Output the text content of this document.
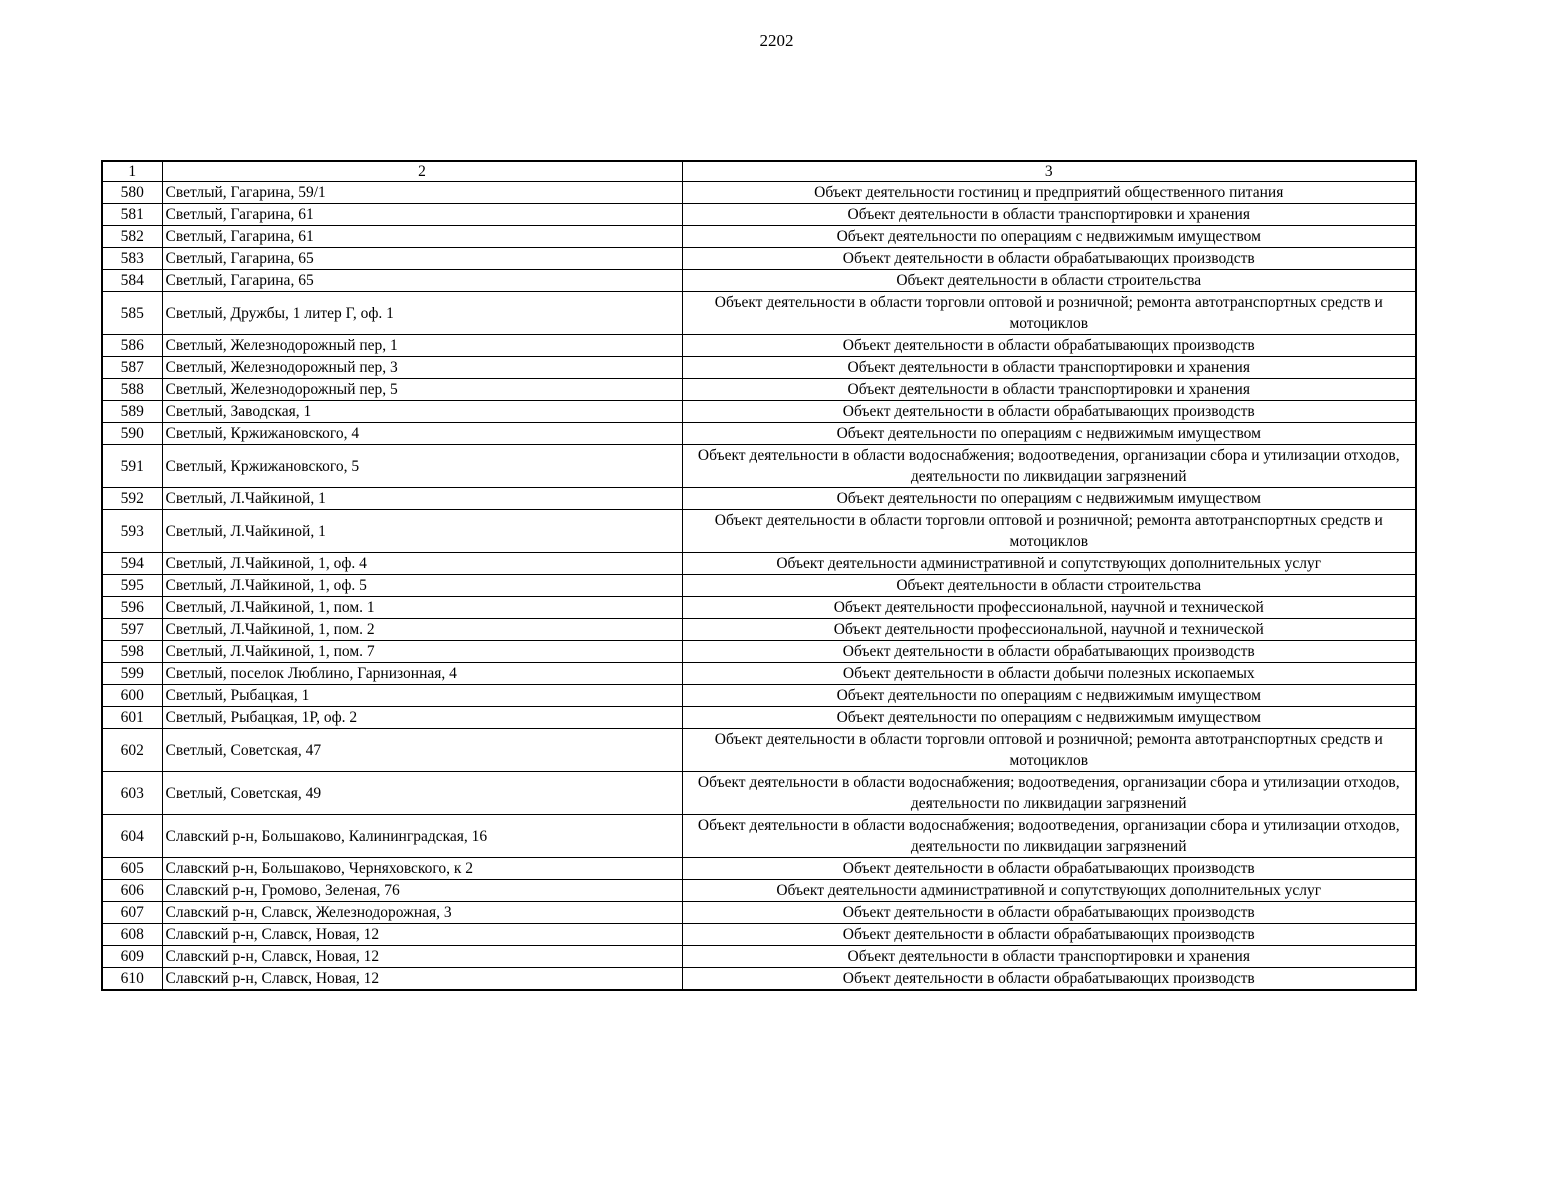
2202
1	2	3
580	Светлый, Гагарина, 59/1	Объект деятельности гостиниц и предприятий общественного питания
581	Светлый, Гагарина, 61	Объект деятельности в области транспортировки и хранения
582	Светлый, Гагарина, 61	Объект деятельности по операциям с недвижимым имуществом
583	Светлый, Гагарина, 65	Объект деятельности в области обрабатывающих производств
584	Светлый, Гагарина, 65	Объект деятельности в области строительства
585	Светлый, Дружбы, 1 литер Г, оф. 1	Объект деятельности в области торговли оптовой и розничной; ремонта автотранспортных средств и мотоциклов
586	Светлый, Железнодорожный пер, 1	Объект деятельности в области обрабатывающих производств
587	Светлый, Железнодорожный пер, 3	Объект деятельности в области транспортировки и хранения
588	Светлый, Железнодорожный пер, 5	Объект деятельности в области транспортировки и хранения
589	Светлый, Заводская, 1	Объект деятельности в области обрабатывающих производств
590	Светлый, Кржижановского, 4	Объект деятельности по операциям с недвижимым имуществом
591	Светлый, Кржижановского, 5	Объект деятельности в области водоснабжения; водоотведения, организации сбора и утилизации отходов, деятельности по ликвидации загрязнений
592	Светлый, Л.Чайкиной, 1	Объект деятельности по операциям с недвижимым имуществом
593	Светлый, Л.Чайкиной, 1	Объект деятельности в области торговли оптовой и розничной; ремонта автотранспортных средств и мотоциклов
594	Светлый, Л.Чайкиной, 1, оф. 4	Объект деятельности административной и сопутствующих дополнительных услуг
595	Светлый, Л.Чайкиной, 1, оф. 5	Объект деятельности в области строительства
596	Светлый, Л.Чайкиной, 1, пом. 1	Объект деятельности профессиональной, научной и технической
597	Светлый, Л.Чайкиной, 1, пом. 2	Объект деятельности профессиональной, научной и технической
598	Светлый, Л.Чайкиной, 1, пом. 7	Объект деятельности в области обрабатывающих производств
599	Светлый, поселок Люблино, Гарнизонная, 4	Объект деятельности в области добычи полезных ископаемых
600	Светлый, Рыбацкая, 1	Объект деятельности по операциям с недвижимым имуществом
601	Светлый, Рыбацкая, 1Р, оф. 2	Объект деятельности по операциям с недвижимым имуществом
602	Светлый, Советская, 47	Объект деятельности в области торговли оптовой и розничной; ремонта автотранспортных средств и мотоциклов
603	Светлый, Советская, 49	Объект деятельности в области водоснабжения; водоотведения, организации сбора и утилизации отходов, деятельности по ликвидации загрязнений
604	Славский р-н, Большаково, Калининградская, 16	Объект деятельности в области водоснабжения; водоотведения, организации сбора и утилизации отходов, деятельности по ликвидации загрязнений
605	Славский р-н, Большаково, Черняховского, к 2	Объект деятельности в области обрабатывающих производств
606	Славский р-н, Громово, Зеленая, 76	Объект деятельности административной и сопутствующих дополнительных услуг
607	Славский р-н, Славск, Железнодорожная, 3	Объект деятельности в области обрабатывающих производств
608	Славский р-н, Славск, Новая, 12	Объект деятельности в области обрабатывающих производств
609	Славский р-н, Славск, Новая, 12	Объект деятельности в области транспортировки и хранения
610	Славский р-н, Славск, Новая, 12	Объект деятельности в области обрабатывающих производств
